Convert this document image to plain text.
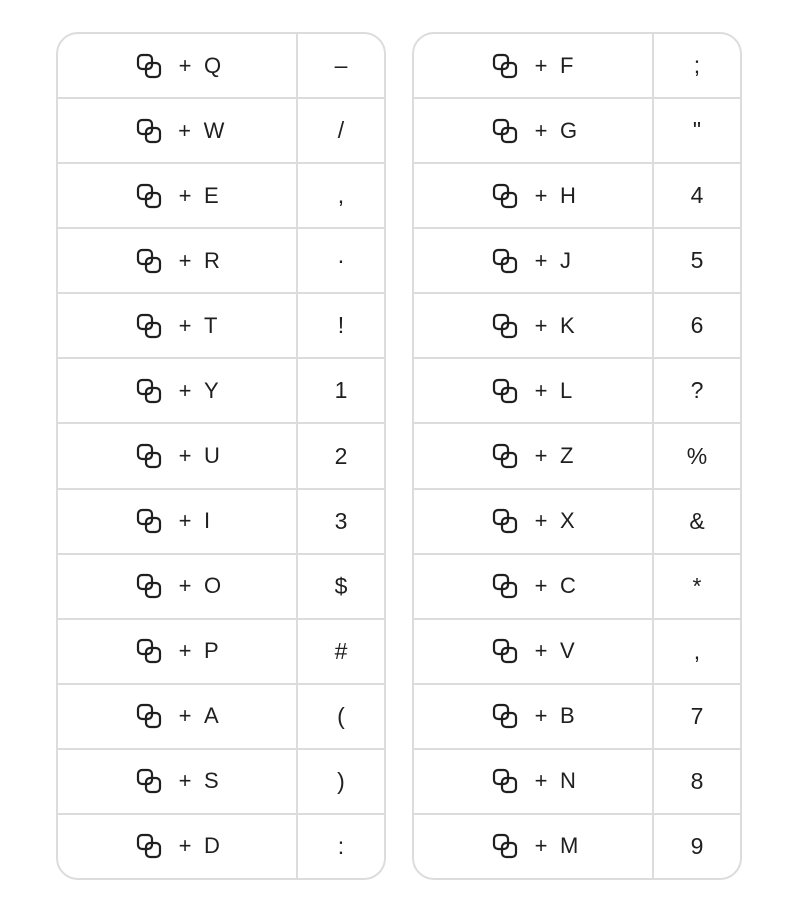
+ Q	–
+ W	/
+ E	,
+ R	·
+ T	!
+ Y	1
+ U	2
+ I	3
+ O	$
+ P	#
+ A	(
+ S	)
+ D	:
+ F	;
+ G	"
+ H	4
+ J	5
+ K	6
+ L	?
+ Z	%
+ X	&
+ C	*
+ V	,
+ B	7
+ N	8
+ M	9
